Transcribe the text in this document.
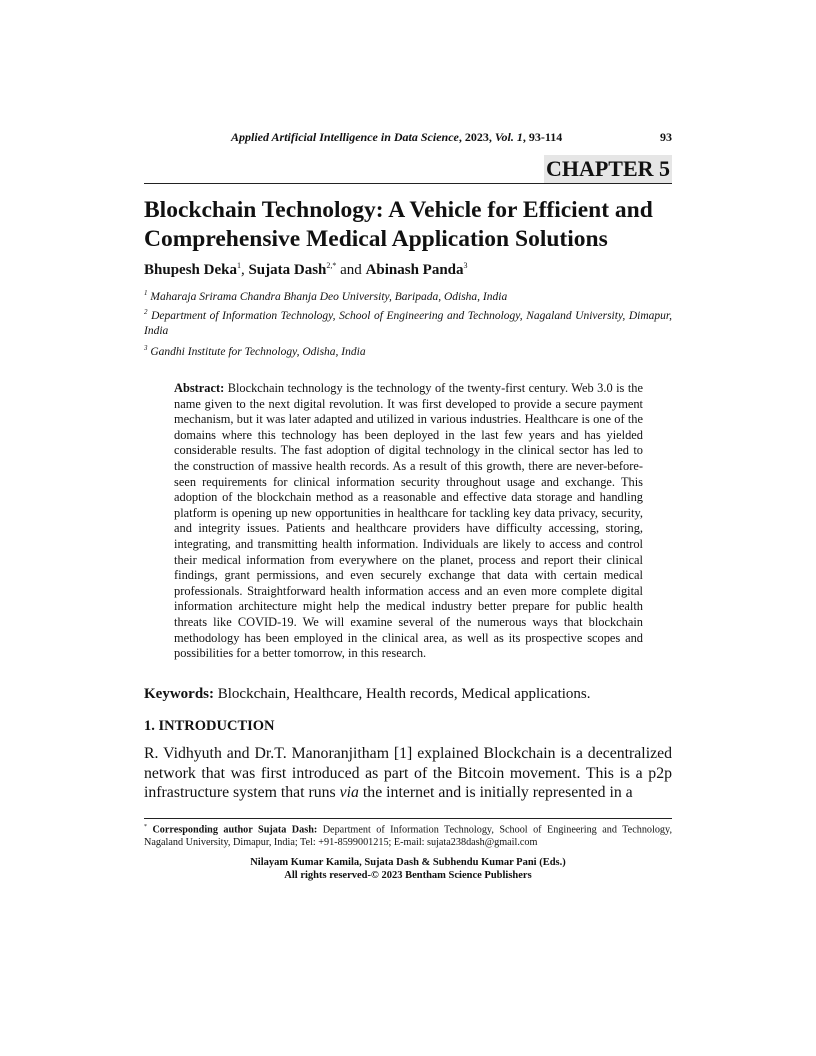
Applied Artificial Intelligence in Data Science, 2023, Vol. 1, 93-114	93
CHAPTER 5
Blockchain Technology: A Vehicle for Efficient and
Comprehensive Medical Application Solutions
Bhupesh Deka$^1$, Sujata Dash$^{2,*}$ and Abinash Panda$^3$
$^1$ Maharaja Srirama Chandra Bhanja Deo University, Baripada, Odisha, India
$^2$ Department of Information Technology, School of Engineering and Technology, Nagaland University, Dimapur, India
$^3$ Gandhi Institute for Technology, Odisha, India
Abstract: Blockchain technology is the technology of the twenty-first century. Web 3.0 is the name given to the next digital revolution. It was first developed to provide a secure payment mechanism, but it was later adapted and utilized in various industries. Healthcare is one of the domains where this technology has been deployed in the last few years and has yielded considerable results. The fast adoption of digital technology in the clinical sector has led to the construction of massive health records. As a result of this growth, there are never-before-seen requirements for clinical information security throughout usage and exchange. This adoption of the blockchain method as a reasonable and effective data storage and handling platform is opening up new opportunities in healthcare for tackling key data privacy, security, and integrity issues. Patients and healthcare providers have difficulty accessing, storing, integrating, and transmitting health information. Individuals are likely to access and control their medical information from everywhere on the planet, process and report their clinical findings, grant permissions, and even securely exchange that data with certain medical professionals. Straightforward health information access and an even more complete digital information architecture might help the medical industry better prepare for public health threats like COVID-19. We will examine several of the numerous ways that blockchain methodology has been employed in the clinical area, as well as its prospective scopes and possibilities for a better tomorrow, in this research.
Keywords: Blockchain, Healthcare, Health records, Medical applications.
1. INTRODUCTION
R. Vidhyuth and Dr.T. Manoranjitham [1] explained Blockchain is a decentralized network that was first introduced as part of the Bitcoin movement. This is a p2p infrastructure system that runs via the internet and is initially represented in a
* Corresponding author Sujata Dash: Department of Information Technology, School of Engineering and Technology, Nagaland University, Dimapur, India; Tel: +91-8599001215; E-mail: sujata238dash@gmail.com
Nilayam Kumar Kamila, Sujata Dash & Subhendu Kumar Pani (Eds.)
All rights reserved-© 2023 Bentham Science Publishers
